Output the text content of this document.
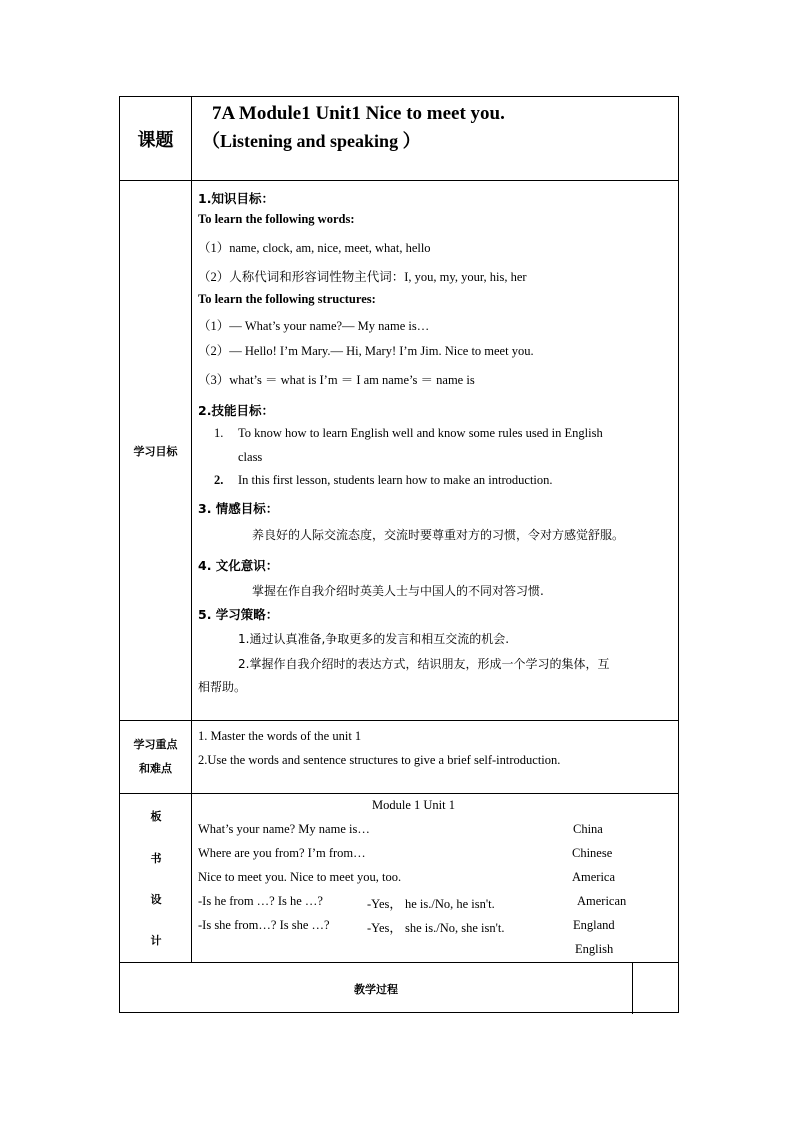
课题
7A Module1 Unit1 Nice to meet you.
（Listening and speaking ）
学习目标
1.知识目标：
To learn the following words:
（1）name, clock, am, nice, meet, what, hello
（2）人称代词和形容词性物主代词：I, you, my, your, his, her
To learn the following structures:
（1）— What’s your name?— My name is…
（2）— Hello! I’m Mary.— Hi, Mary! I’m Jim. Nice to meet you.
（3）what’s ＝ what is I’m ＝ I am name’s ＝ name is
2.技能目标：
1. To know how to learn English well and know some rules used in English
class
2. In this first lesson, students learn how to make an introduction.
3. 情感目标：
养良好的人际交流态度，交流时要尊重对方的习惯，令对方感觉舒服。
4. 文化意识：
掌握在作自我介绍时英美人士与中国人的不同对答习惯.
5. 学习策略：
1.通过认真准备,争取更多的发言和相互交流的机会.
2.掌握作自我介绍时的表达方式，结识朋友，形成一个学习的集体，互
相帮助。
学习重点
和难点
1. Master the words of the unit 1
2.Use the words and sentence structures to give a brief self-introduction.
板
书
设
计
Module 1 Unit 1
What’s your name? My name is…
Where are you from? I’m from…
Nice to meet you. Nice to meet you, too.
-Is he from …? Is he …?
-Is she from…? Is she …?
-Yes， he is./No, he isn't.
-Yes， she is./No, she isn't.
China
Chinese
America
American
England
English
教学过程
